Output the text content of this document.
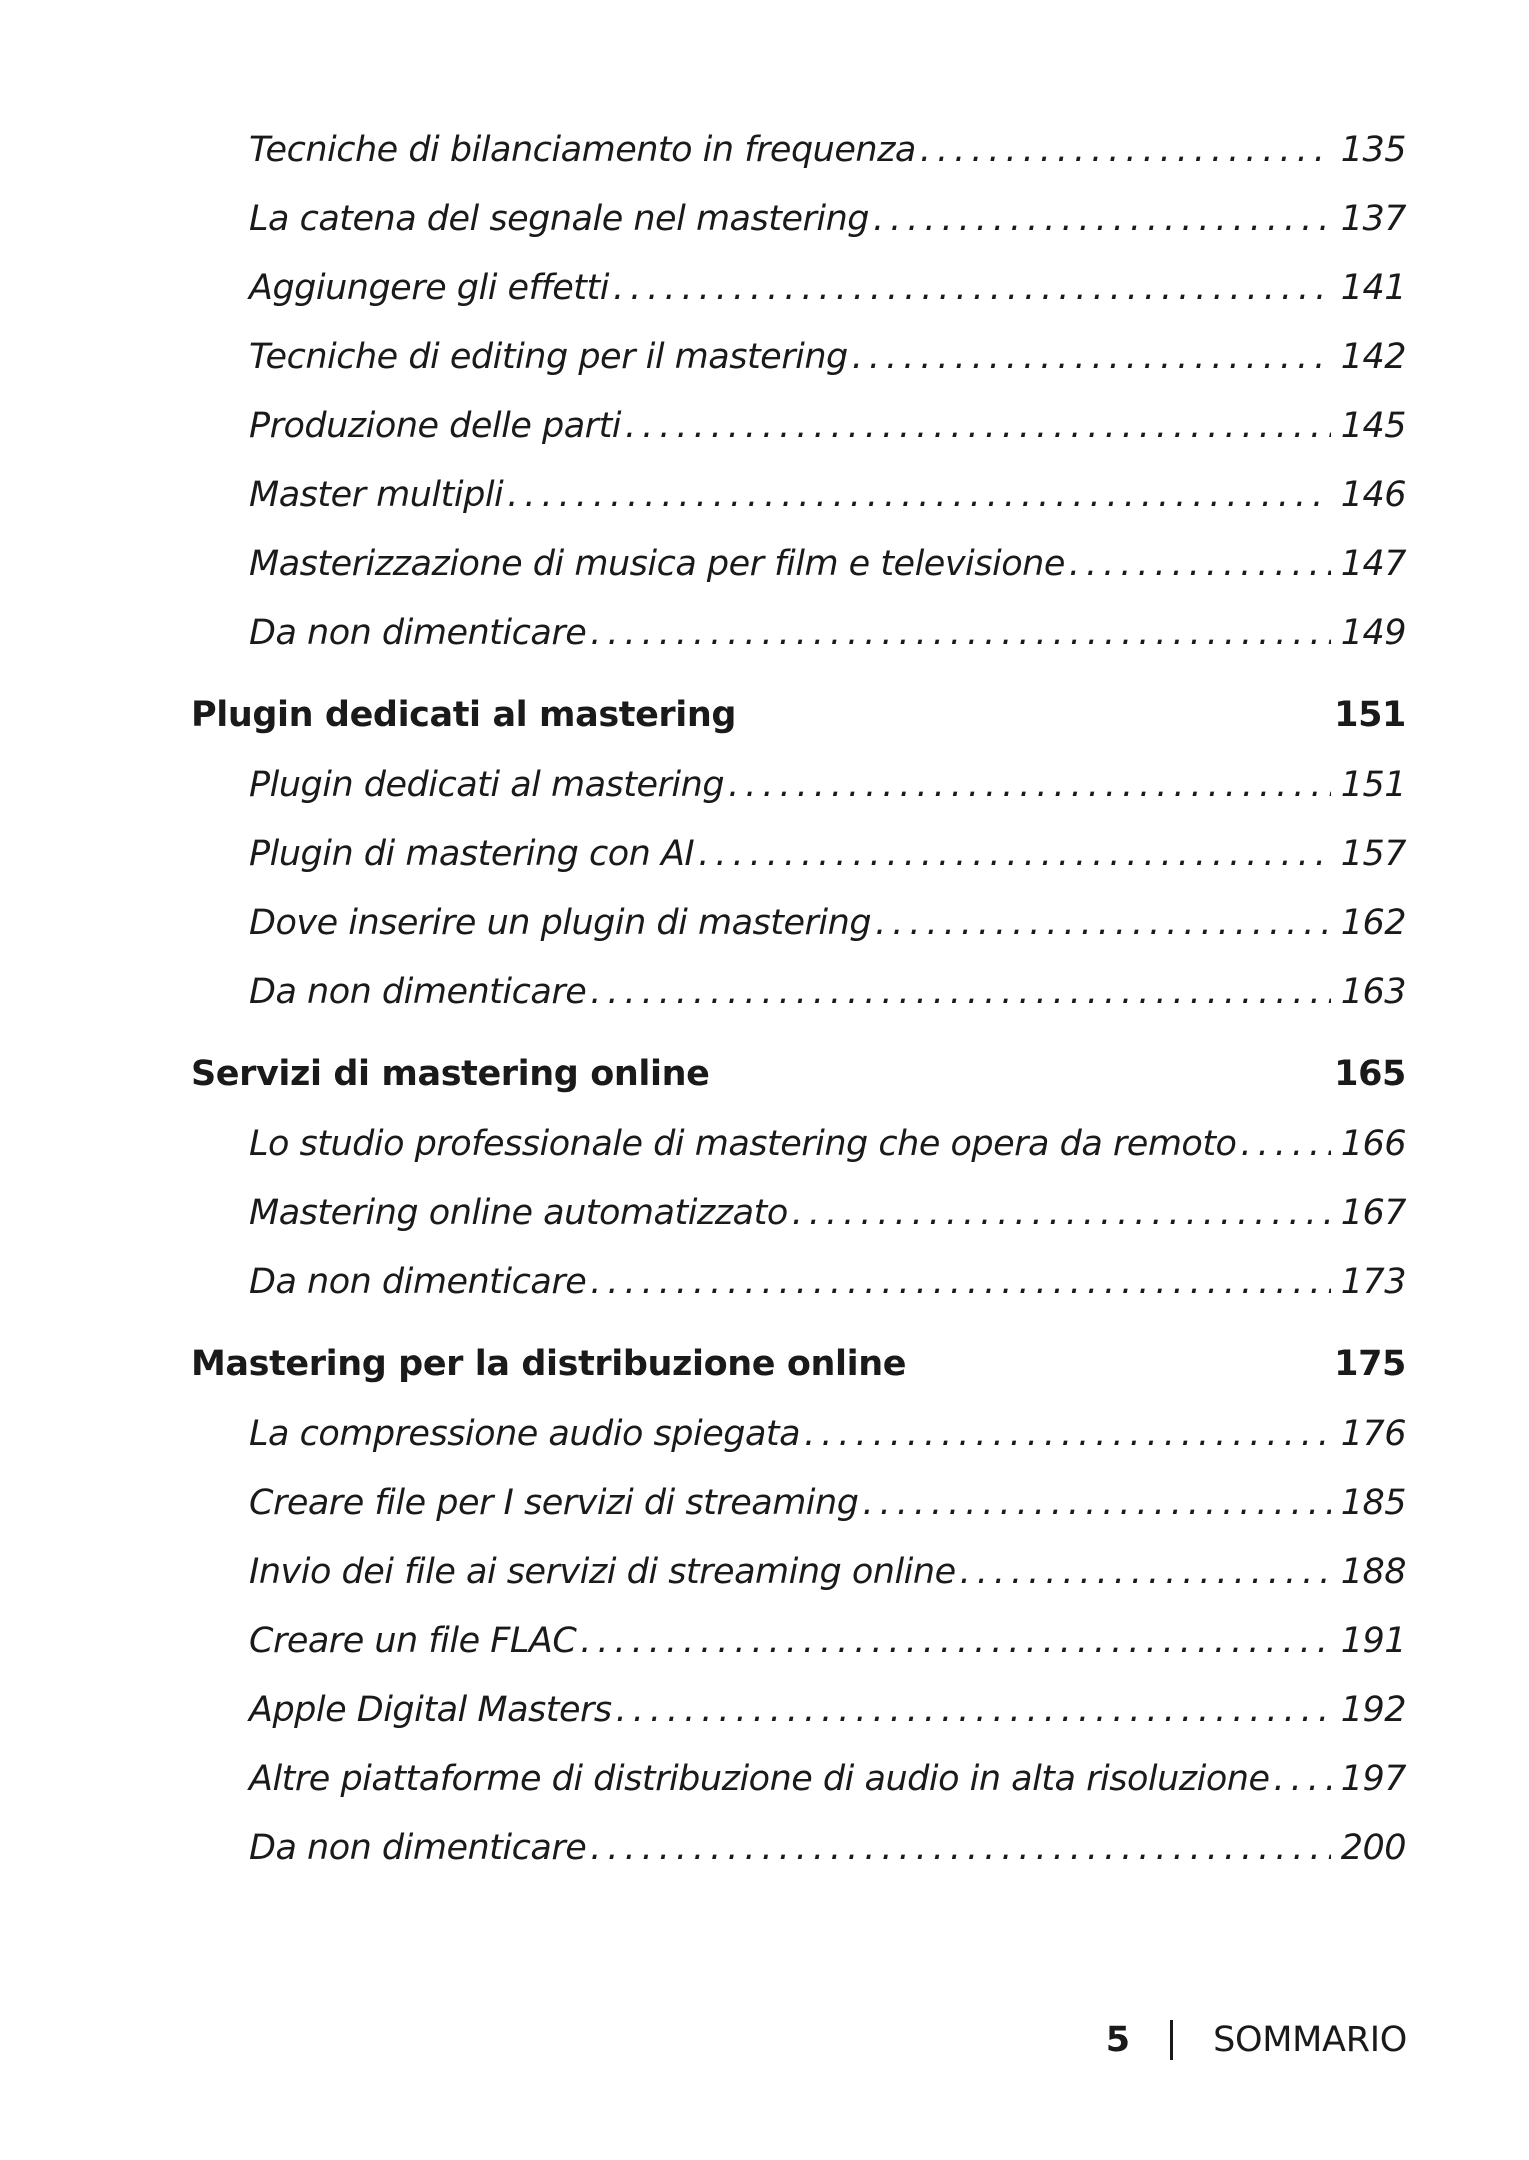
Tecniche di bilanciamento in frequenza .....	135
La catena del segnale nel mastering .....	137
Aggiungere gli effetti .....	141
Tecniche di editing per il mastering .....	142
Produzione delle parti .....	145
Master multipli .....	146
Masterizzazione di musica per film e televisione .....	147
Da non dimenticare .....	149
Plugin dedicati al mastering	151
Plugin dedicati al mastering .....	151
Plugin di mastering con AI .....	157
Dove inserire un plugin di mastering .....	162
Da non dimenticare .....	163
Servizi di mastering online	165
Lo studio professionale di mastering che opera da remoto .....	166
Mastering online automatizzato .....	167
Da non dimenticare .....	173
Mastering per la distribuzione online	175
La compressione audio spiegata .....	176
Creare file per I servizi di streaming .....	185
Invio dei file ai servizi di streaming online .....	188
Creare un file FLAC .....	191
Apple Digital Masters .....	192
Altre piattaforme di distribuzione di audio in alta risoluzione ..... 197
Da non dimenticare .....	200
5 SOMMARIO
